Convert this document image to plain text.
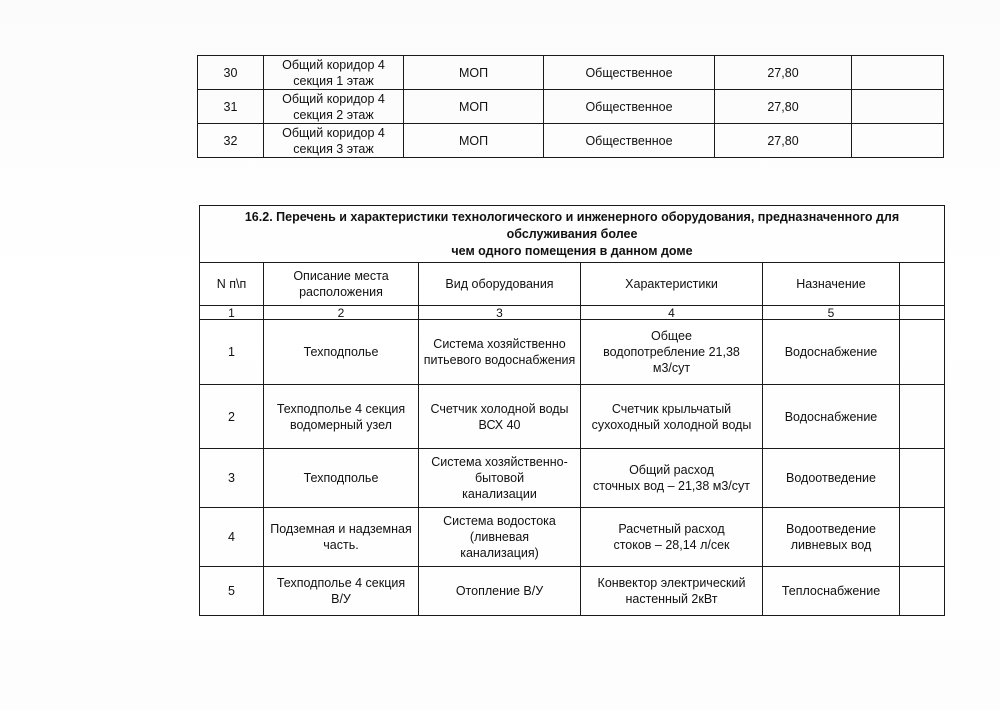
30	Общий коридор 4
секция 1 этаж	МОП	Общественное	27,80	
31	Общий коридор 4
секция 2 этаж	МОП	Общественное	27,80	
32	Общий коридор 4
секция 3 этаж	МОП	Общественное	27,80	
16.2. Перечень и характеристики технологического и инженерного оборудования, предназначенного для обслуживания более
чем одного помещения в данном доме					
N п\п	Описание места
расположения	Вид оборудования	Характеристики	Назначение	
1	2	3	4	5	
1	Техподполье	Система хозяйственно
питьевого водоснабжения	Общее
водопотребление 21,38
м3/сут	Водоснабжение	
2	Техподполье 4 секция
водомерный узел	Счетчик холодной воды
ВСХ 40	Счетчик крыльчатый
сухоходный холодной воды	Водоснабжение	
3	Техподполье	Система хозяйственно-
бытовой
канализации	Общий расход
сточных вод – 21,38 м3/сут	Водоотведение	
4	Подземная и надземная
часть.	Система водостока
(ливневая
канализация)	Расчетный расход
стоков – 28,14 л/сек	Водоотведение
ливневых вод	
5	Техподполье 4 секция
В/У	Отопление В/У	Конвектор электрический
настенный 2кВт	Теплоснабжение	
